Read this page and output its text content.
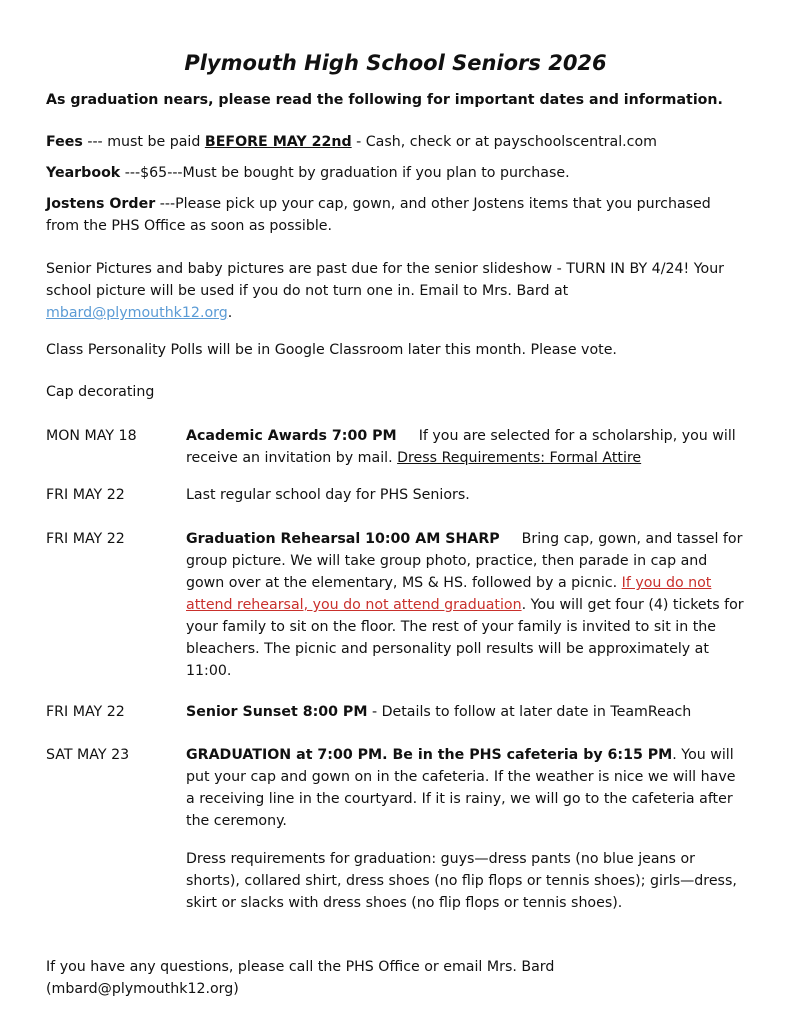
Plymouth High School Seniors 2026
As graduation nears, please read the following for important dates and information.
Fees --- must be paid BEFORE MAY 22nd - Cash, check or at payschoolscentral.com
Yearbook ---$65---Must be bought by graduation if you plan to purchase.
Jostens Order ---Please pick up your cap, gown, and other Jostens items that you purchased from the PHS Office as soon as possible.
Senior Pictures and baby pictures are past due for the senior slideshow - TURN IN BY 4/24! Your school picture will be used if you do not turn one in. Email to Mrs. Bard at mbard@plymouthk12.org.
Class Personality Polls will be in Google Classroom later this month. Please vote.
Cap decorating
MON MAY 18	Academic Awards 7:00 PM If you are selected for a scholarship, you will receive an invitation by mail. Dress Requirements: Formal Attire
FRI MAY 22	Last regular school day for PHS Seniors.
FRI MAY 22	Graduation Rehearsal 10:00 AM SHARP Bring cap, gown, and tassel for group picture. We will take group photo, practice, then parade in cap and gown over at the elementary, MS & HS. followed by a picnic. If you do not attend rehearsal, you do not attend graduation. You will get four (4) tickets for your family to sit on the floor. The rest of your family is invited to sit in the bleachers. The picnic and personality poll results will be approximately at 11:00.
FRI MAY 22	Senior Sunset 8:00 PM - Details to follow at later date in TeamReach
SAT MAY 23	GRADUATION at 7:00 PM. Be in the PHS cafeteria by 6:15 PM. You will put your cap and gown on in the cafeteria. If the weather is nice we will have a receiving line in the courtyard. If it is rainy, we will go to the cafeteria after the ceremony.
Dress requirements for graduation: guys—dress pants (no blue jeans or shorts), collared shirt, dress shoes (no flip flops or tennis shoes); girls—dress, skirt or slacks with dress shoes (no flip flops or tennis shoes).
If you have any questions, please call the PHS Office or email Mrs. Bard (mbard@plymouthk12.org)
